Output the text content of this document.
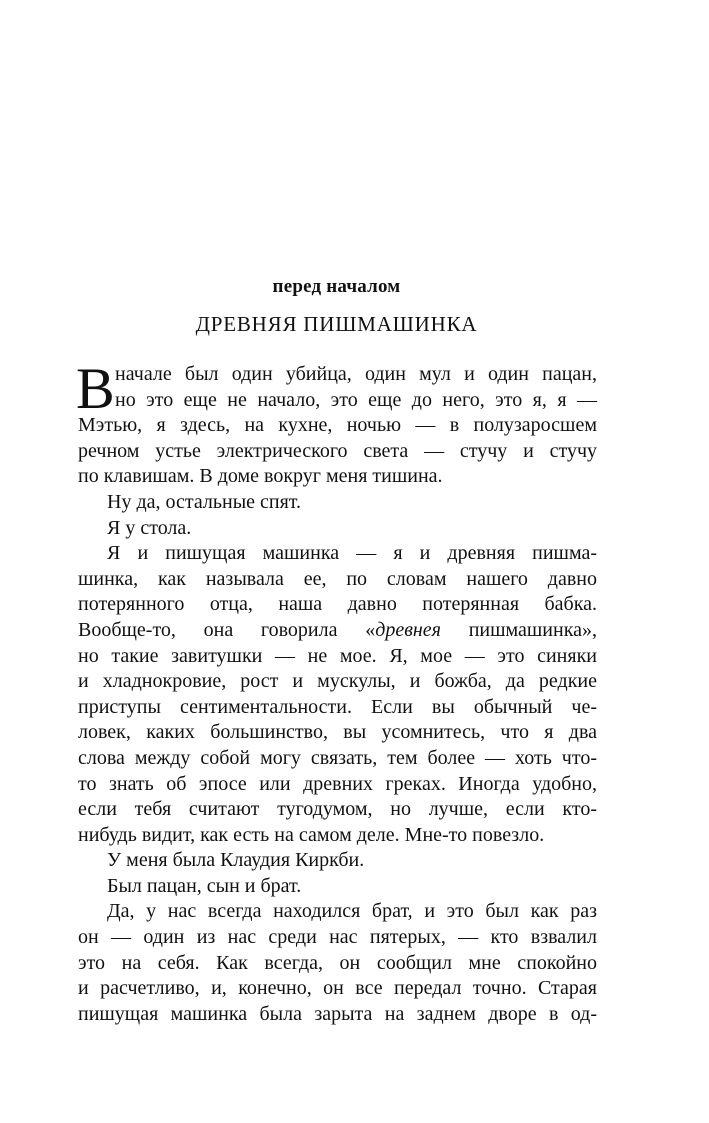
перед началом
ДРЕВНЯЯ ПИШМАШИНКА
начале был один убийца, один мул и один пацан,
но это еще не начало, это еще до него, это я, я —
Мэтью, я здесь, на кухне, ночью — в полузаросшем
речном устье электрического света — стучу и стучу
по клавишам. В доме вокруг меня тишина.
Ну да, остальные спят.
Я у стола.
Я и пишущая машинка — я и древняя пишма-
шинка, как называла ее, по словам нашего давно
потерянного отца, наша давно потерянная бабка.
Вообще-то, она говорила «древнея пишмашинка»,
но такие завитушки — не мое. Я, мое — это синяки
и хладнокровие, рост и мускулы, и божба, да редкие
приступы сентиментальности. Если вы обычный че-
ловек, каких большинство, вы усомнитесь, что я два
слова между собой могу связать, тем более — хоть что-
то знать об эпосе или древних греках. Иногда удобно,
если тебя считают тугодумом, но лучше, если кто-
нибудь видит, как есть на самом деле. Мне-то повезло.
У меня была Клаудия Киркби.
Был пацан, сын и брат.
Да, у нас всегда находился брат, и это был как раз
он — один из нас среди нас пятерых, — кто взвалил
это на себя. Как всегда, он сообщил мне спокойно
и расчетливо, и, конечно, он все передал точно. Старая
пишущая машинка была зарыта на заднем дворе в од-
В
